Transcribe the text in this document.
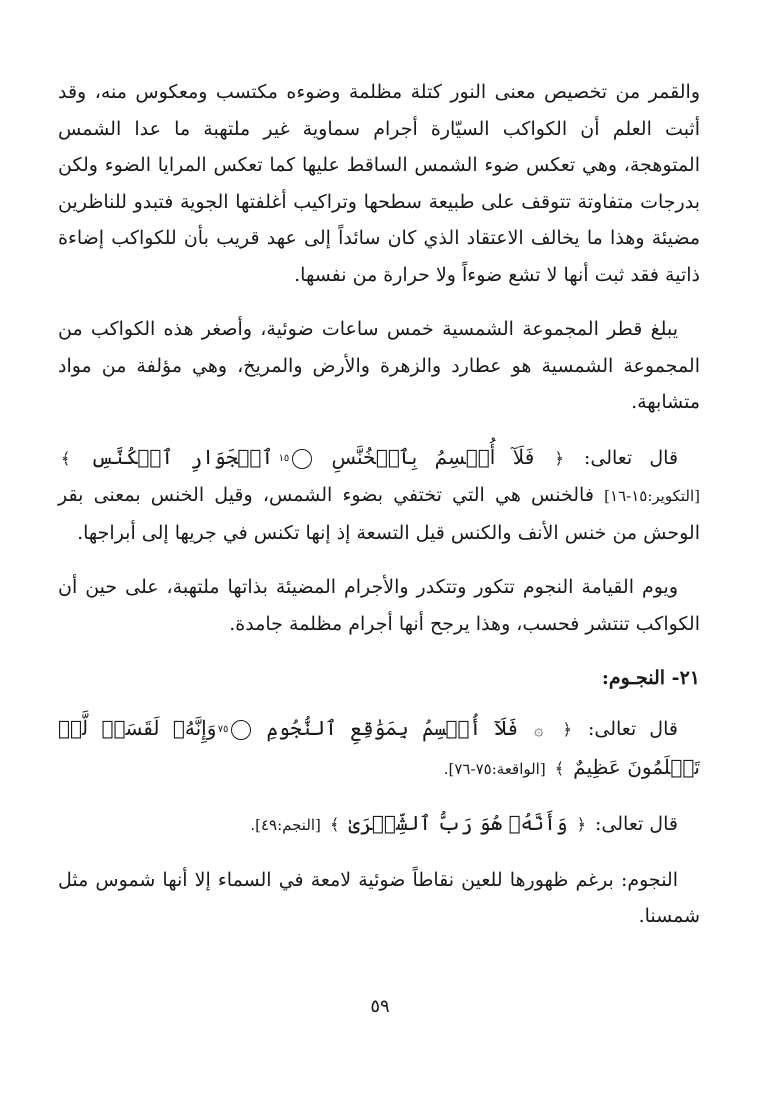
والقمر من تخصيص معنى النور كتلة مظلمة وضوءه مكتسب ومعكوس منه، وقد أثبت العلم أن الكواكب السيّارة أجرام سماوية غير ملتهبة ما عدا الشمس المتوهجة، وهي تعكس ضوء الشمس الساقط عليها كما تعكس المرايا الضوء ولكن بدرجات متفاوتة تتوقف على طبيعة سطحها وتراكيب أغلفتها الجوية فتبدو للناظرين مضيئة وهذا ما يخالف الاعتقاد الذي كان سائداً إلى عهد قريب بأن للكواكب إضاءة ذاتية فقد ثبت أنها لا تشع ضوءاً ولا حرارة من نفسها.

يبلغ قطر المجموعة الشمسية خمس ساعات ضوئية، وأصغر هذه الكواكب من المجموعة الشمسية هو عطارد والزهرة والأرض والمريخ، وهي مؤلفة من مواد متشابهة.

قال تعالى: ﴿ فَلَآ أُقۡسِمُ بِٱلۡخُنَّسِ ١٥ ٱلۡجَوَارِ ٱلۡكُنَّسِ ﴾ [التكوير:١٥-١٦] فالخنس هي التي تختفي بضوء الشمس، وقيل الخنس بمعنى بقر الوحش من خنس الأنف والكنس قيل التسعة إذ إنها تكنس في جريها إلى أبراجها.

ويوم القيامة النجوم تتكور وتتكدر والأجرام المضيئة بذاتها ملتهبة، على حين أن الكواكب تنتشر فحسب، وهذا يرجح أنها أجرام مظلمة جامدة.

٢١- النجـوم:

قال تعالى: ﴿ ۞ فَلَآ أُقۡسِمُ بِمَوَٰقِعِ ٱلنُّجُومِ ٧٥ وَإِنَّهُۥ لَقَسَمٞ لَّوۡ تَعۡلَمُونَ عَظِيمٌ ﴾ [الواقعة:٧٥-٧٦].

قال تعالى: ﴿ وَأَنَّهُۥ هُوَ رَبُّ ٱلشِّعۡرَىٰ ﴾ [النجم:٤٩].

النجوم: برغم ظهورها للعين نقاطاً ضوئية لامعة في السماء إلا أنها شموس مثل شمسنا.

٥٩
